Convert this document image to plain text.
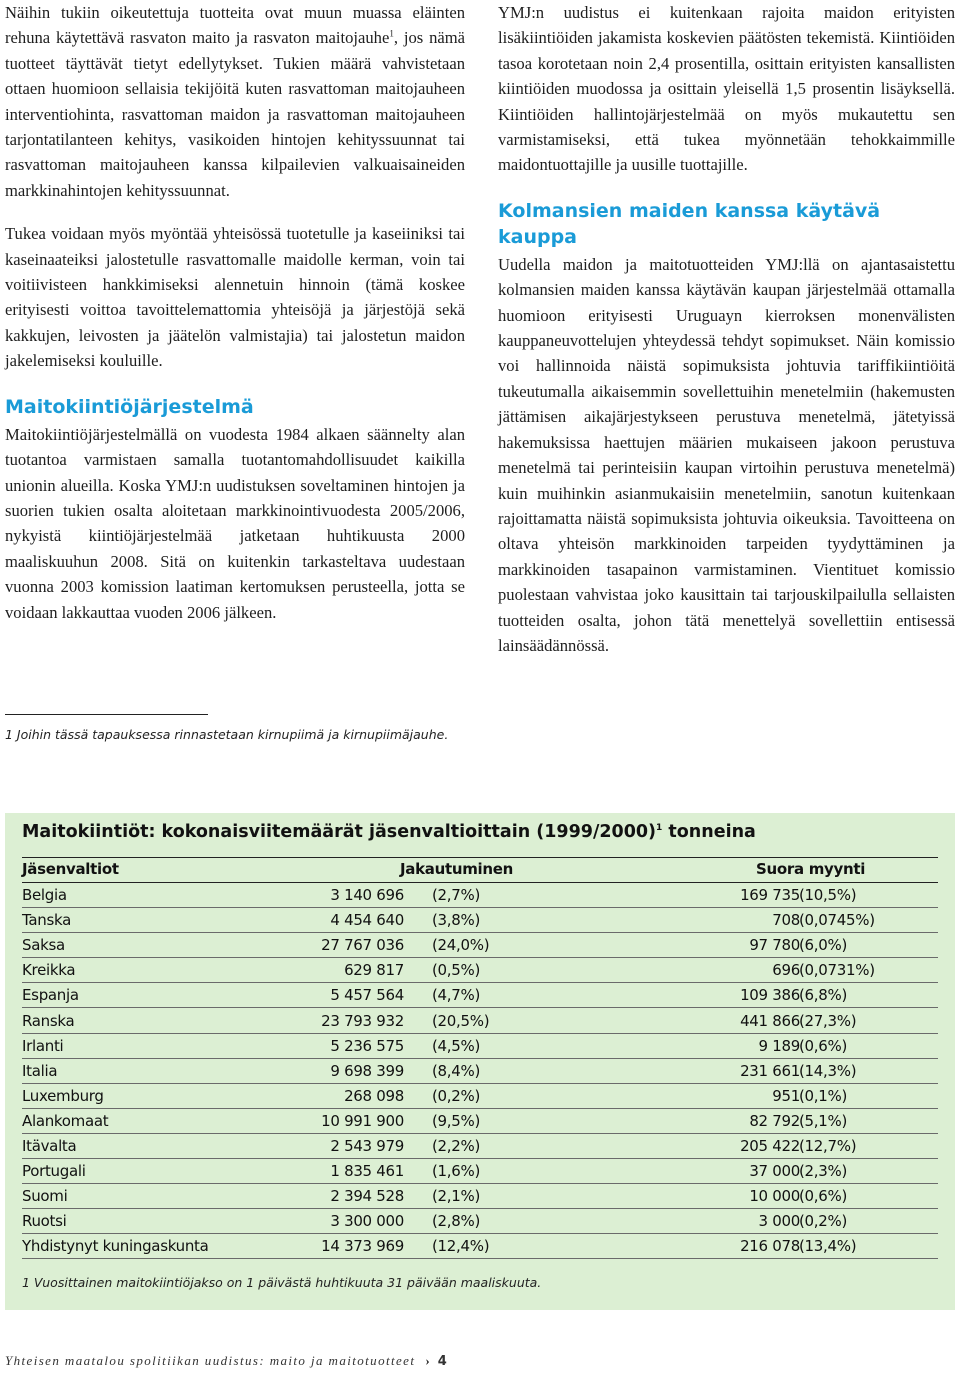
Näihin tukiin oikeutettuja tuotteita ovat muun muassa eläinten rehuna käytettävä rasvaton maito ja rasvaton maitojauhe$^1$, jos nämä tuotteet täyttävät tietyt edellytykset. Tukien määrä vahvistetaan ottaen huomioon sellaisia tekijöitä kuten rasvattoman maitojauheen interventiohinta, rasvattoman maidon ja rasvattoman maitojauheen tarjontatilanteen kehitys, vasikoiden hintojen kehityssuunnat tai rasvattoman maitojauheen kanssa kilpailevien valkuaisaineiden markkinahintojen kehityssuunnat.

Tukea voidaan myös myöntää yhteisössä tuotetulle ja kaseiiniksi tai kaseinaateiksi jalostetulle rasvattomalle maidolle kerman, voin tai voitiivisteen hankkimiseksi alennetuin hinnoin (tämä koskee erityisesti voittoa tavoittelemattomia yhteisöjä ja järjestöjä sekä kakkujen, leivosten ja jäätelön valmistajia) tai jalostetun maidon jakelemiseksi kouluille.

Maitokiintiöjärjestelmä

Maitokiintiöjärjestelmällä on vuodesta 1984 alkaen säännelty alan tuotantoa varmistaen samalla tuotantomahdollisuudet kaikilla unionin alueilla. Koska YMJ:n uudistuksen soveltaminen hintojen ja suorien tukien osalta aloitetaan markkinointivuodesta 2005/2006, nykyistä kiintiöjärjestelmää jatketaan huhtikuusta 2000 maaliskuuhun 2008. Sitä on kuitenkin tarkasteltava uudestaan vuonna 2003 komission laatiman kertomuksen perusteella, jotta se voidaan lakkauttaa vuoden 2006 jälkeen.

YMJ:n uudistus ei kuitenkaan rajoita maidon erityisten lisäkiintiöiden jakamista koskevien päätösten tekemistä. Kiintiöiden tasoa korotetaan noin 2,4 prosentilla, osittain erityisten kansallisten kiintiöiden muodossa ja osittain yleisellä 1,5 prosentin lisäyksellä. Kiintiöiden hallintojärjestelmää on myös mukautettu sen varmistamiseksi, että tukea myönnetään tehokkaimmille maidontuottajille ja uusille tuottajille.

Kolmansien maiden kanssa käytävä kauppa

Uudella maidon ja maitotuotteiden YMJ:llä on ajantasaistettu kolmansien maiden kanssa käytävän kaupan järjestelmää ottamalla huomioon erityisesti Uruguayn kierroksen monenvälisten kauppaneuvottelujen yhteydessä tehdyt sopimukset. Näin komissio voi hallinnoida näistä sopimuksista johtuvia tariffikiintiöitä tukeutumalla aikaisemmin sovellettuihin menetelmiin (hakemusten jättämisen aikajärjestykseen perustuva menetelmä, jätetyissä hakemuksissa haettujen määrien mukaiseen jakoon perustuva menetelmä tai perinteisiin kaupan virtoihin perustuva menetelmä) kuin muihinkin asianmukaisiin menetelmiin, sanotun kuitenkaan rajoittamatta näistä sopimuksista johtuvia oikeuksia. Tavoitteena on oltava yhteisön markkinoiden tarpeiden tyydyttäminen ja markkinoiden tasapainon varmistaminen. Vientituet komissio puolestaan vahvistaa joko kausittain tai tarjouskilpailulla sellaisten tuotteiden osalta, johon tätä menettelyä sovellettiin entisessä lainsäädännössä.

1 Joihin tässä tapauksessa rinnastetaan kirnupiimä ja kirnupiimäjauhe.
Maitokiintiöt: kokonaisviitemäärät jäsenvaltioittain $(1999/2000)^1$ tonneina
Jäsenvaltiot	Jakautuminen	Suora myynti
Belgia	3 140 696 (2,7%)	169 735 (10,5%)
Tanska	4 454 640 (3,8%)	708 (0,0745%)
Saksa	27 767 036 (24,0%)	97 780 (6,0%)
Kreikka	629 817 (0,5%)	696 (0,0731%)
Espanja	5 457 564 (4,7%)	109 386 (6,8%)
Ranska	23 793 932 (20,5%)	441 866 (27,3%)
Irlanti	5 236 575 (4,5%)	9 189 (0,6%)
Italia	9 698 399 (8,4%)	231 661 (14,3%)
Luxemburg	268 098 (0,2%)	951 (0,1%)
Alankomaat	10 991 900 (9,5%)	82 792 (5,1%)
Itävalta	2 543 979 (2,2%)	205 422 (12,7%)
Portugali	1 835 461 (1,6%)	37 000 (2,3%)
Suomi	2 394 528 (2,1%)	10 000 (0,6%)
Ruotsi	3 300 000 (2,8%)	3 000 (0,2%)
Yhdistynyt kuningaskunta	14 373 969 (12,4%)	216 078 (13,4%)
1 Vuosittainen maitokiintiöjakso on 1 päivästä huhtikuuta 31 päivään maaliskuuta.
Yhteisen maatalou spolitiikan uudistus: maito ja maitotuotteet › 4
